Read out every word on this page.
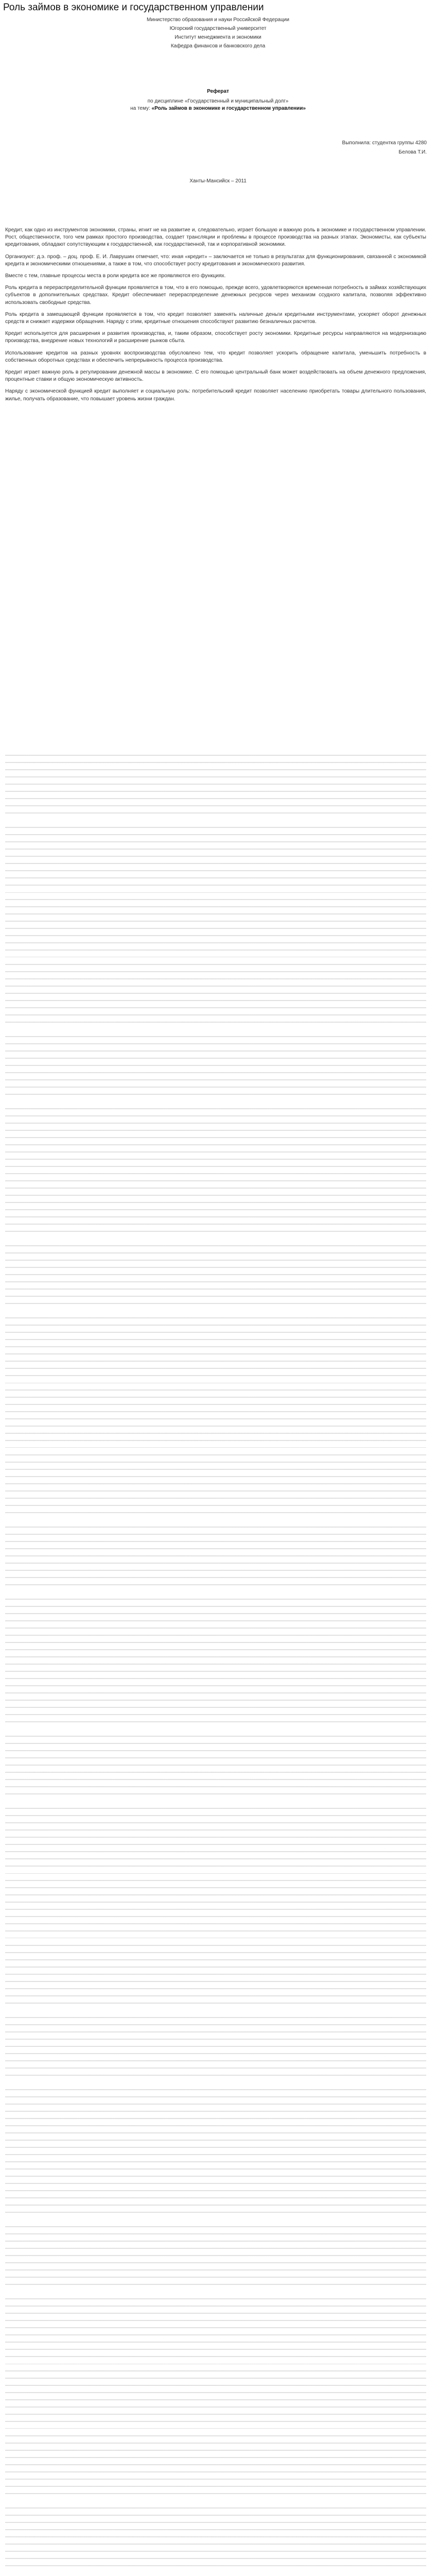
Роль займов в экономике и государственном управлении
Министерство образования и науки Российской Федерации
Югорский государственный университет
Институт менеджмента и экономики
Кафедра финансов и банковского дела
Реферат
по дисциплине «Государственный и муниципальный долг»
на тему: «Роль займов в экономике и государственном управлении»
Выполнила: студентка группы 4280
Белова Т.И.
Ханты-Мансийск – 2011

Кредит, как одно из инструментов экономики, страны, игнит не на развитие и, следовательно, играет большую и важную роль в экономике и государственном управлении. Рост, общественности, того чем рамках простого производства, создает трансляции и проблемы в процессе производства на разных этапах. Экономисты, как субъекты кредитования, обладают сопутствующим к государственной, как государственной, так и корпоративной экономики.

Организуют: д.э. проф. – доц. проф. Е. И. Лаврушин отмечает, что: иная «кредит» – заключается не только в результатах для функционирования, связанной с экономикой кредита и экономическими отношениями, а также в том, что способствует росту кредитования и экономического развития.

Вместе с тем, главные процессы места в роли кредита все же проявляются его функциях.

Роль кредита в перераспределительной функции проявляется в том, что в его помощью, прежде всего, удовлетворяются временная потребность в займах хозяйствующих субъектов в дополнительных средствах. Кредит обеспечивает перераспределение денежных ресурсов через механизм ссудного капитала, позволяя эффективно использовать свободные средства.

Роль кредита в замещающей функции проявляется в том, что кредит позволяет заменять наличные деньги кредитными инструментами, ускоряет оборот денежных средств и снижает издержки обращения. Наряду с этим, кредитные отношения способствуют развитию безналичных расчетов.

Кредит используется для расширения и развития производства, и, таким образом, способствует росту экономики. Кредитные ресурсы направляются на модернизацию производства, внедрение новых технологий и расширение рынков сбыта.

Использование кредитов на разных уровнях воспроизводства обусловлено тем, что кредит позволяет ускорить обращение капитала, уменьшить потребность в собственных оборотных средствах и обеспечить непрерывность процесса производства.

Кредит играет важную роль в регулировании денежной массы в экономике. С его помощью центральный банк может воздействовать на объем денежного предложения, процентные ставки и общую экономическую активность.

Наряду с экономической функцией кредит выполняет и социальную роль: потребительский кредит позволяет населению приобретать товары длительного пользования, жилье, получать образование, что повышает уровень жизни граждан.
